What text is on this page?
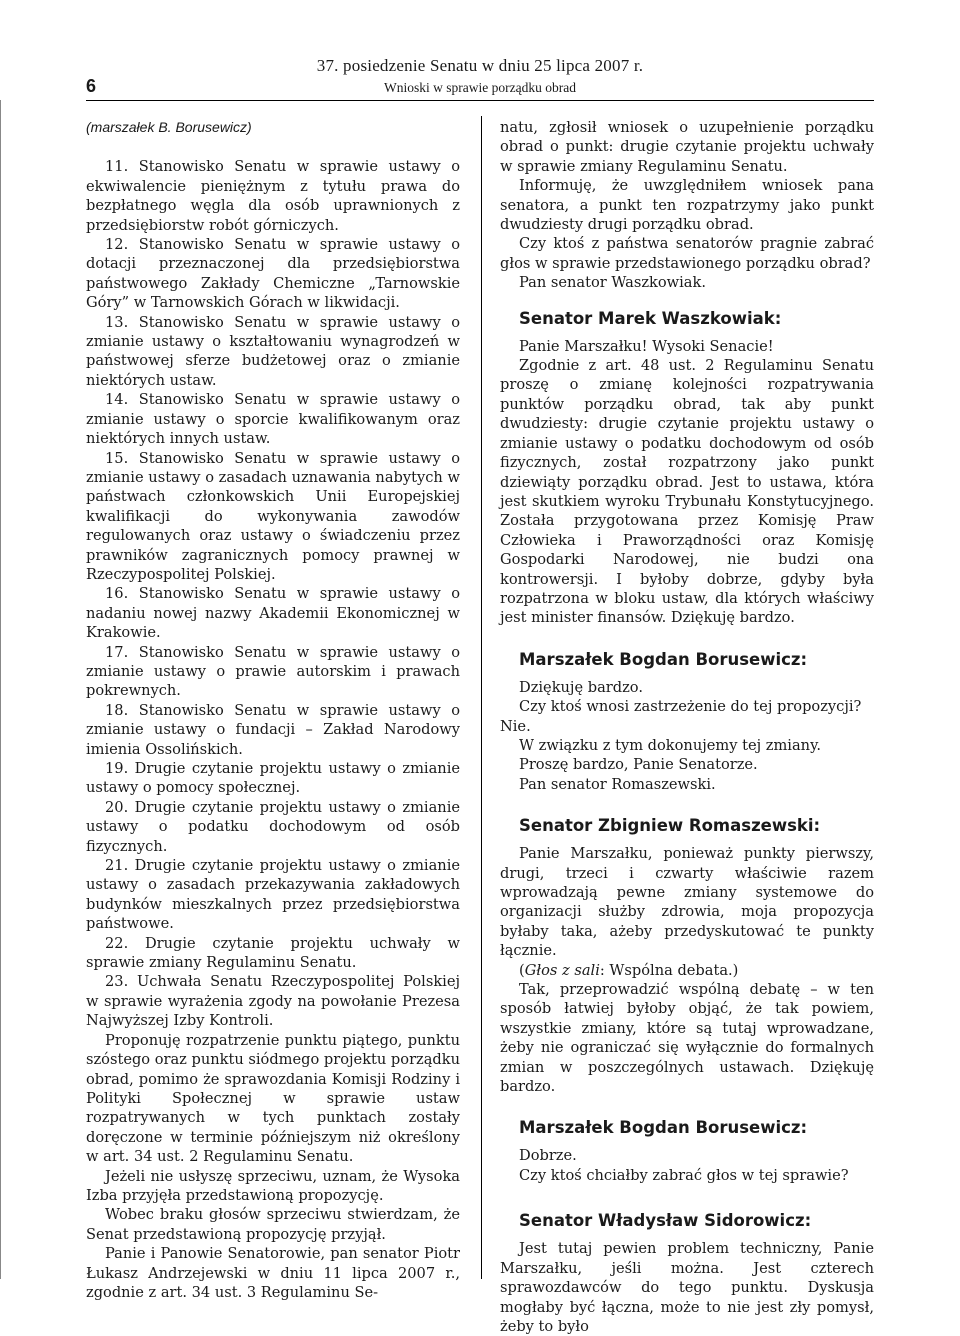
6
37. posiedzenie Senatu w dniu 25 lipca 2007 r.
Wnioski w sprawie porządku obrad

(marszałek B. Borusewicz)

11. Stanowisko Senatu w sprawie ustawy o ekwiwalencie pieniężnym z tytułu prawa do bezpłatnego węgla dla osób uprawnionych z przedsiębiorstw robót górniczych.

12. Stanowisko Senatu w sprawie ustawy o dotacji przeznaczonej dla przedsiębiorstwa państwowego Zakłady Chemiczne „Tarnowskie Góry” w Tarnowskich Górach w likwidacji.

13. Stanowisko Senatu w sprawie ustawy o zmianie ustawy o kształtowaniu wynagrodzeń w państwowej sferze budżetowej oraz o zmianie niektórych ustaw.

14. Stanowisko Senatu w sprawie ustawy o zmianie ustawy o sporcie kwalifikowanym oraz niektórych innych ustaw.

15. Stanowisko Senatu w sprawie ustawy o zmianie ustawy o zasadach uznawania nabytych w państwach członkowskich Unii Europejskiej kwalifikacji do wykonywania zawodów regulowanych oraz ustawy o świadczeniu przez prawników zagranicznych pomocy prawnej w Rzeczypospolitej Polskiej.

16. Stanowisko Senatu w sprawie ustawy o nadaniu nowej nazwy Akademii Ekonomicznej w Krakowie.

17. Stanowisko Senatu w sprawie ustawy o zmianie ustawy o prawie autorskim i prawach pokrewnych.

18. Stanowisko Senatu w sprawie ustawy o zmianie ustawy o fundacji – Zakład Narodowy imienia Ossolińskich.

19. Drugie czytanie projektu ustawy o zmianie ustawy o pomocy społecznej.

20. Drugie czytanie projektu ustawy o zmianie ustawy o podatku dochodowym od osób fizycznych.

21. Drugie czytanie projektu ustawy o zmianie ustawy o zasadach przekazywania zakładowych budynków mieszkalnych przez przedsiębiorstwa państwowe.

22. Drugie czytanie projektu uchwały w sprawie zmiany Regulaminu Senatu.

23. Uchwała Senatu Rzeczypospolitej Polskiej w sprawie wyrażenia zgody na powołanie Prezesa Najwyższej Izby Kontroli.

Proponuję rozpatrzenie punktu piątego, punktu szóstego oraz punktu siódmego projektu porządku obrad, pomimo że sprawozdania Komisji Rodziny i Polityki Społecznej w sprawie ustaw rozpatrywanych w tych punktach zostały doręczone w terminie późniejszym niż określony w art. 34 ust. 2 Regulaminu Senatu.

Jeżeli nie usłyszę sprzeciwu, uznam, że Wysoka Izba przyjęła przedstawioną propozycję.

Wobec braku głosów sprzeciwu stwierdzam, że Senat przedstawioną propozycję przyjął.

Panie i Panowie Senatorowie, pan senator Piotr Łukasz Andrzejewski w dniu 11 lipca 2007 r., zgodnie z art. 34 ust. 3 Regulaminu Se-

natu, zgłosił wniosek o uzupełnienie porządku obrad o punkt: drugie czytanie projektu uchwały w sprawie zmiany Regulaminu Senatu.

Informuję, że uwzględniłem wniosek pana senatora, a punkt ten rozpatrzymy jako punkt dwudziesty drugi porządku obrad.

Czy ktoś z państwa senatorów pragnie zabrać głos w sprawie przedstawionego porządku obrad?

Pan senator Waszkowiak.

Senator Marek Waszkowiak:

Panie Marszałku! Wysoki Senacie!

Zgodnie z art. 48 ust. 2 Regulaminu Senatu proszę o zmianę kolejności rozpatrywania punktów porządku obrad, tak aby punkt dwudziesty: drugie czytanie projektu ustawy o zmianie ustawy o podatku dochodowym od osób fizycznych, został rozpatrzony jako punkt dziewiąty porządku obrad. Jest to ustawa, która jest skutkiem wyroku Trybunału Konstytucyjnego. Została przygotowana przez Komisję Praw Człowieka i Praworządności oraz Komisję Gospodarki Narodowej, nie budzi ona kontrowersji. I byłoby dobrze, gdyby była rozpatrzona w bloku ustaw, dla których właściwy jest minister finansów. Dziękuję bardzo.

Marszałek Bogdan Borusewicz:

Dziękuję bardzo.

Czy ktoś wnosi zastrzeżenie do tej propozycji?

Nie.

W związku z tym dokonujemy tej zmiany.

Proszę bardzo, Panie Senatorze.

Pan senator Romaszewski.

Senator Zbigniew Romaszewski:

Panie Marszałku, ponieważ punkty pierwszy, drugi, trzeci i czwarty właściwie razem wprowadzają pewne zmiany systemowe do organizacji służby zdrowia, moja propozycja byłaby taka, ażeby przedyskutować te punkty łącznie.

(Głos z sali: Wspólna debata.)

Tak, przeprowadzić wspólną debatę – w ten sposób łatwiej byłoby objąć, że tak powiem, wszystkie zmiany, które są tutaj wprowadzane, żeby nie ograniczać się wyłącznie do formalnych zmian w poszczególnych ustawach. Dziękuję bardzo.

Marszałek Bogdan Borusewicz:

Dobrze.

Czy ktoś chciałby zabrać głos w tej sprawie?

Senator Władysław Sidorowicz:

Jest tutaj pewien problem techniczny, Panie Marszałku, jeśli można. Jest czterech sprawozdawców do tego punktu. Dyskusja mogłaby być łączna, może to nie jest zły pomysł, żeby to było
